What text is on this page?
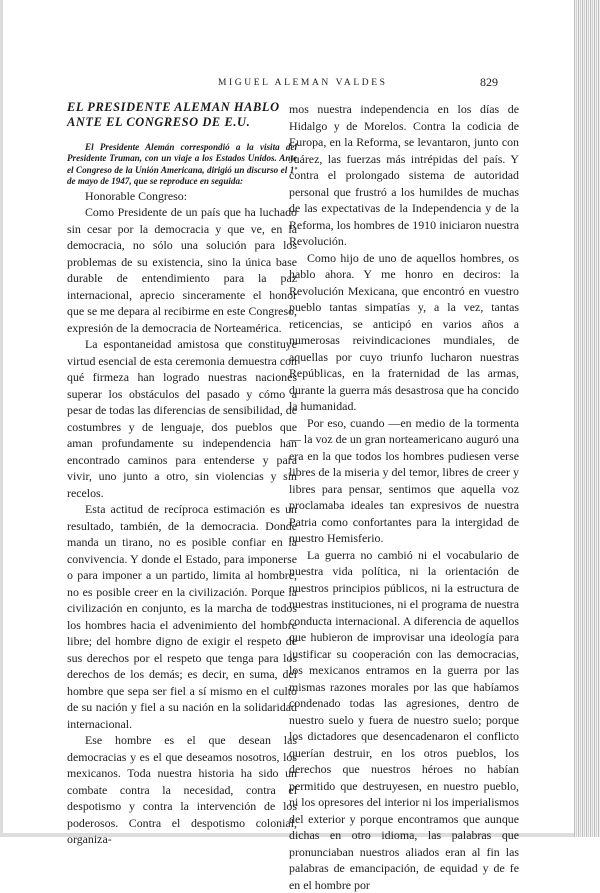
MIGUEL ALEMAN VALDES	829

EL PRESIDENTE ALEMAN HABLO
ANTE EL CONGRESO DE E.U.

El Presidente Alemán correspondió a la visita del Presidente Truman, con un viaje a los Estados Unidos. Ante el Congreso de la Unión Americana, dirigió un discurso el 1º de mayo de 1947, que se reproduce en seguida:

Honorable Congreso:

Como Presidente de un país que ha luchado sin cesar por la democracia y que ve, en la democracia, no sólo una solución para los problemas de su existencia, sino la única base durable de entendimiento para la paz internacional, aprecio sinceramente el honor que se me depara al recibirme en este Congreso, expresión de la democracia de Norteamérica.

La espontaneidad amistosa que constituye virtud esencial de esta ceremonia demuestra con qué firmeza han logrado nuestras naciones superar los obstáculos del pasado y cómo a pesar de todas las diferencias de sensibilidad, de costumbres y de lenguaje, dos pueblos que aman profundamente su independencia han encontrado caminos para entenderse y para vivir, uno junto a otro, sin violencias y sin recelos.

Esta actitud de recíproca estimación es un resultado, también, de la democracia. Donde manda un tirano, no es posible confiar en la convivencia. Y donde el Estado, para imponerse o para imponer a un partido, limita al hombre, no es posible creer en la civilización. Porque la civilización en conjunto, es la marcha de todos los hombres hacia el advenimiento del hombre libre; del hombre digno de exigir el respeto de sus derechos por el respeto que tenga para los derechos de los demás; es decir, en suma, del hombre que sepa ser fiel a sí mismo en el culto de su nación y fiel a su nación en la solidaridad internacional.

Ese hombre es el que desean las democracias y es el que deseamos nosotros, los mexicanos. Toda nuestra historia ha sido un combate contra la necesidad, contra el despotismo y contra la intervención de los poderosos. Contra el despotismo colonial, organiza-

mos nuestra independencia en los días de Hidalgo y de Morelos. Contra la codicia de Europa, en la Reforma, se levantaron, junto con Juárez, las fuerzas más intrépidas del país. Y contra el prolongado sistema de autoridad personal que frustró a los humildes de muchas de las expectativas de la Independencia y de la Reforma, los hombres de 1910 iniciaron nuestra Revolución.

Como hijo de uno de aquellos hombres, os hablo ahora. Y me honro en deciros: la Revolución Mexicana, que encontró en vuestro pueblo tantas simpatías y, a la vez, tantas reticencias, se anticipó en varios años a numerosas reivindicaciones mundiales, de aquellas por cuyo triunfo lucharon nuestras Repúblicas, en la fraternidad de las armas, durante la guerra más desastrosa que ha concido la humanidad.

Por eso, cuando —en medio de la tormenta— la voz de un gran norteamericano auguró una era en la que todos los hombres pudiesen verse libres de la miseria y del temor, libres de creer y libres para pensar, sentimos que aquella voz proclamaba ideales tan expresivos de nuestra Patria como confortantes para la intergidad de nuestro Hemisferio.

La guerra no cambió ni el vocabulario de nuestra vida política, ni la orientación de nuestros principios públicos, ni la estructura de nuestras instituciones, ni el programa de nuestra conducta internacional. A diferencia de aquellos que hubieron de improvisar una ideología para justificar su cooperación con las democracias, los mexicanos entramos en la guerra por las mismas razones morales por las que habíamos condenado todas las agresiones, dentro de nuestro suelo y fuera de nuestro suelo; porque los dictadores que desencadenaron el conflicto querían destruir, en los otros pueblos, los derechos que nuestros héroes no habían permitido que destruyesen, en nuestro pueblo, ni los opresores del interior ni los imperialismos del exterior y porque encontramos que aunque dichas en otro idioma, las palabras que pronunciaban nuestros aliados eran al fin las palabras de emancipación, de equidad y de fe en el hombre por
